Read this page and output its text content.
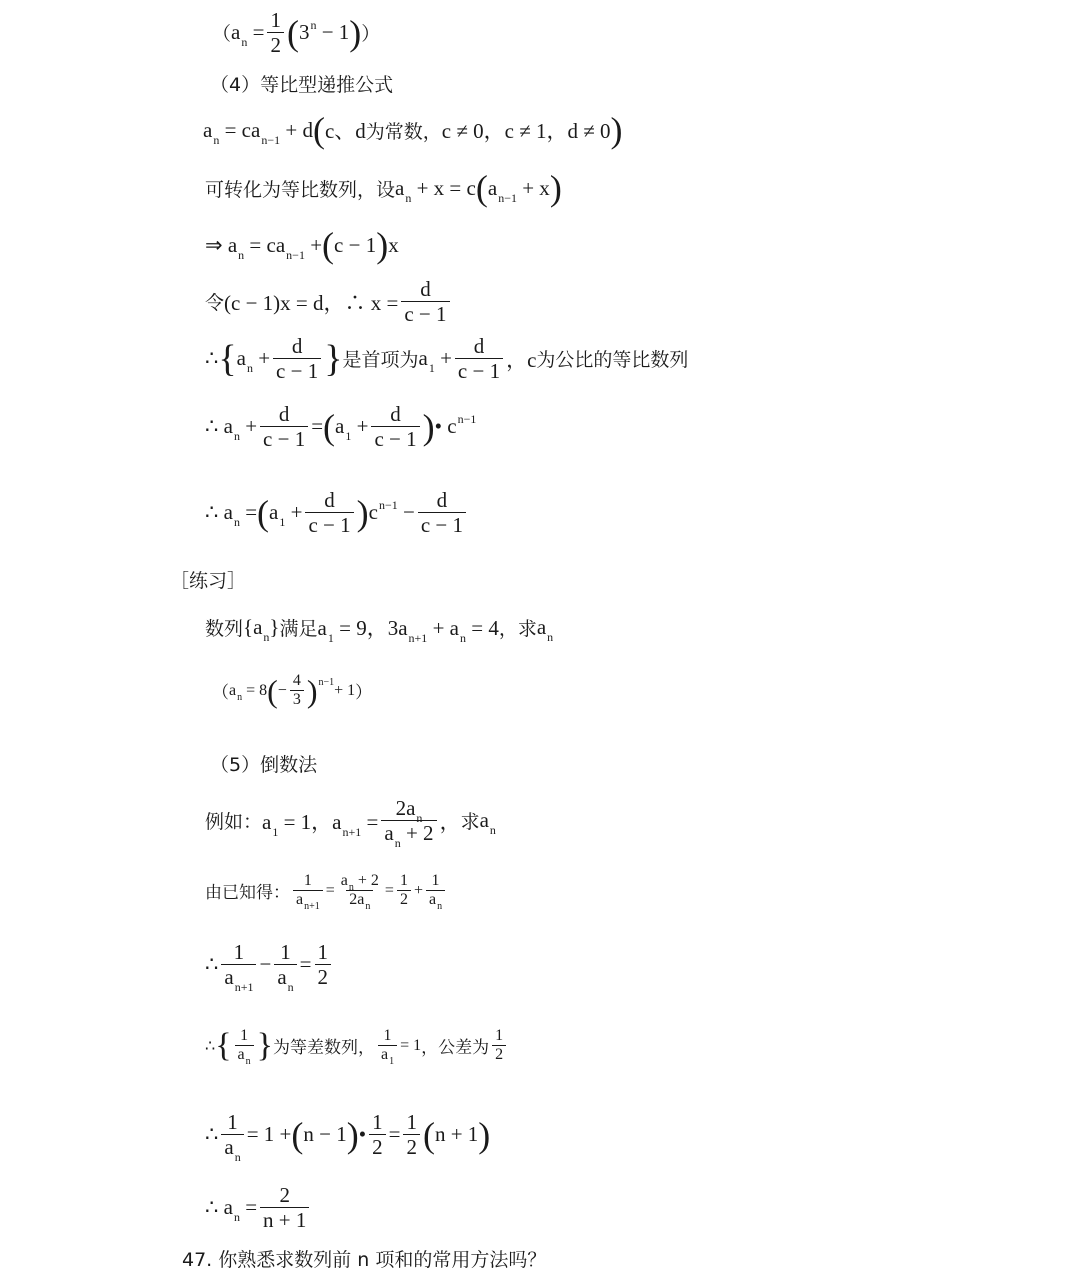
（ $a_n = \frac{1}{2}$ ( $3^n - 1$ ) ）
（4）等比型递推公式
$a_n = ca_{n-1} + d$ ( c、d 为常数， c ≠ 0，c ≠ 1，d ≠ 0 )
可转化为等比数列，设 $a_n + x = c$ ( $a_{n-1} + x$ )
⇒ $a_n = ca_{n-1}$ + ( c − 1 ) x
令 (c − 1)x = d，∴ $x = \frac{d}{c - 1}$
∴ { $a_n + \frac{d}{c - 1}$ } 是首项为 $a_1 + \frac{d}{c - 1}$ ，c 为公比的等比数列
∴ $a_n + \frac{d}{c - 1}$ = ( $a_1 + \frac{d}{c - 1}$ ) • $c^{n-1}$
∴ $a_n$ = ( $a_1 + \frac{d}{c - 1}$ ) $c^{n-1} - \frac{d}{c - 1}$
［练习］
数列 $\{a_n\}$ 满足 $a_1 = 9$，$3a_{n+1} + a_n = 4$ ，求 $a_n$
（ $a_n = 8$ ( − $\frac{4}{3}$ ) n−1 + 1 ）
（5）倒数法
例如： $a_1 = 1$，$a_{n+1} = \frac{2a_n}{a_n + 2}$ ， 求 $a_n$
由已知得： $\frac{1}{a_{n+1}} = \frac{a_n + 2}{2a_n} = \frac{1}{2} + \frac{1}{a_n}$
∴ $\frac{1}{a_{n+1}} - \frac{1}{a_n} = \frac{1}{2}$
∴ { $\frac{1}{a_n}$ } 为等差数列， $\frac{1}{a_1} = 1$ ，公差为 $\frac{1}{2}$
∴ $\frac{1}{a_n} = 1$ + ( n − 1 ) • $\frac{1}{2} = \frac{1}{2}$ ( n + 1 )
∴ $a_n = \frac{2}{n + 1}$
47. 你熟悉求数列前 n 项和的常用方法吗？
